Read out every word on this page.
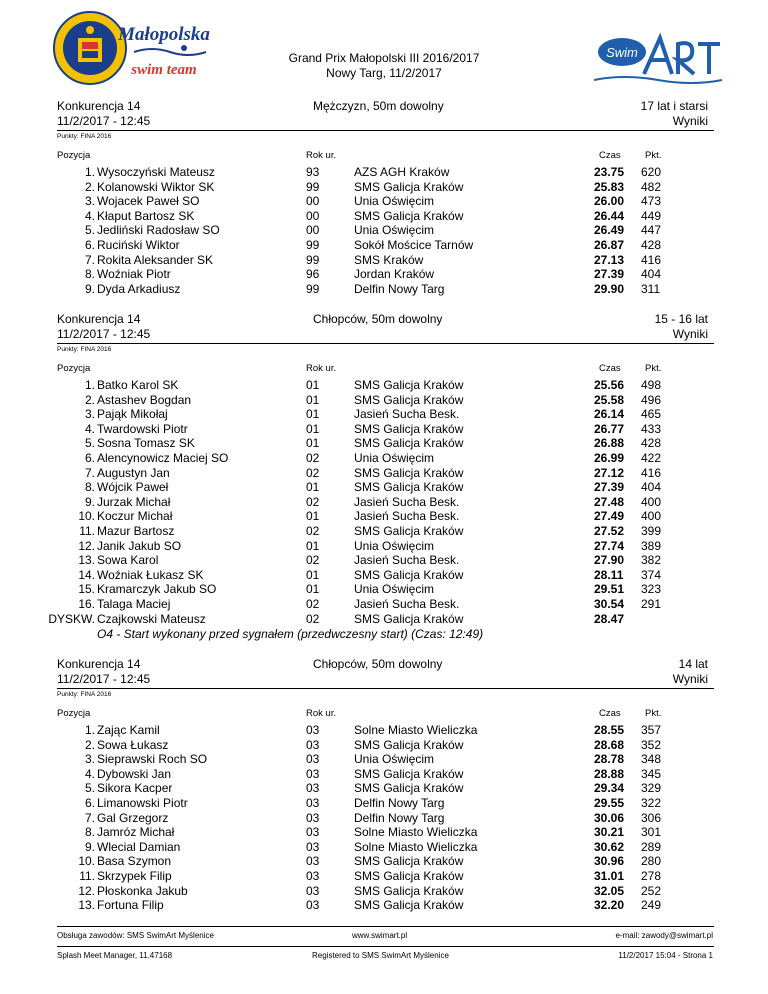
Małopolska
swim team
Swim
Grand Prix Małopolski III 2016/2017
Nowy Targ, 11/2/2017
Konkurencja 14
11/2/2017 - 12:45
Mężczyzn, 50m dowolny	17 lat i starsi
Wyniki
Punkty: FINA 2016
Pozycja	Rok ur.	Czas	Pkt.
1. Wysoczyński Mateusz	93	AZS AGH Kraków	23.75 620
2. Kolanowski Wiktor SK	99	SMS Galicja Kraków	25.83 482
3. Wojacek Paweł SO	00	Unia Oświęcim	26.00 473
4. Kłaput Bartosz SK	00	SMS Galicja Kraków	26.44 449
5. Jedliński Radosław SO	00	Unia Oświęcim	26.49 447
6. Ruciński Wiktor	99	Sokół Mościce Tarnów	26.87 428
7. Rokita Aleksander SK	99	SMS Kraków	27.13 416
8. Woźniak Piotr	96	Jordan Kraków	27.39 404
9. Dyda Arkadiusz	99	Delfin Nowy Targ	29.90 311
Konkurencja 14
11/2/2017 - 12:45
Chłopców, 50m dowolny	15 - 16 lat
Wyniki
Punkty: FINA 2016
Pozycja	Rok ur.	Czas	Pkt.
1. Batko Karol SK	01	SMS Galicja Kraków	25.56 498
2. Astashev Bogdan	01	SMS Galicja Kraków	25.58 496
3. Pająk Mikołaj	01	Jasień Sucha Besk.	26.14 465
4. Twardowski Piotr	01	SMS Galicja Kraków	26.77 433
5. Sosna Tomasz SK	01	SMS Galicja Kraków	26.88 428
6. Alencynowicz Maciej SO	02	Unia Oświęcim	26.99 422
7. Augustyn Jan	02	SMS Galicja Kraków	27.12 416
8. Wójcik Paweł	01	SMS Galicja Kraków	27.39 404
9. Jurzak Michał	02	Jasień Sucha Besk.	27.48 400
10. Koczur Michał	01	Jasień Sucha Besk.	27.49 400
11. Mazur Bartosz	02	SMS Galicja Kraków	27.52 399
12. Janik Jakub SO	01	Unia Oświęcim	27.74 389
13. Sowa Karol	02	Jasień Sucha Besk.	27.90 382
14. Woźniak Łukasz SK	01	SMS Galicja Kraków	28.11 374
15. Kramarczyk Jakub SO	01	Unia Oświęcim	29.51 323
16. Talaga Maciej	02	Jasień Sucha Besk.	30.54 291
DYSKW. Czajkowski Mateusz	02	SMS Galicja Kraków	28.47
O4 - Start wykonany przed sygnałem (przedwczesny start) (Czas: 12:49)
Konkurencja 14
11/2/2017 - 12:45
Chłopców, 50m dowolny	14 lat
Wyniki
Punkty: FINA 2016
Pozycja	Rok ur.	Czas	Pkt.
1. Zając Kamil	03	Solne Miasto Wieliczka	28.55 357
2. Sowa Łukasz	03	SMS Galicja Kraków	28.68 352
3. Sieprawski Roch SO	03	Unia Oświęcim	28.78 348
4. Dybowski Jan	03	SMS Galicja Kraków	28.88 345
5. Sikora Kacper	03	SMS Galicja Kraków	29.34 329
6. Limanowski Piotr	03	Delfin Nowy Targ	29.55 322
7. Gal Grzegorz	03	Delfin Nowy Targ	30.06 306
8. Jamróz Michał	03	Solne Miasto Wieliczka	30.21 301
9. Wlecial Damian	03	Solne Miasto Wieliczka	30.62 289
10. Basa Szymon	03	SMS Galicja Kraków	30.96 280
11. Skrzypek Filip	03	SMS Galicja Kraków	31.01 278
12. Płoskonka Jakub	03	SMS Galicja Kraków	32.05 252
13. Fortuna Filip	03	SMS Galicja Kraków	32.20 249
Obsługa zawodów: SMS SwimArt Myślenice	www.swimart.pl	e-mail: zawody@swimart.pl
Splash Meet Manager, 11.47168	Registered to SMS SwimArt Myślenice	11/2/2017 15:04 - Strona 1
